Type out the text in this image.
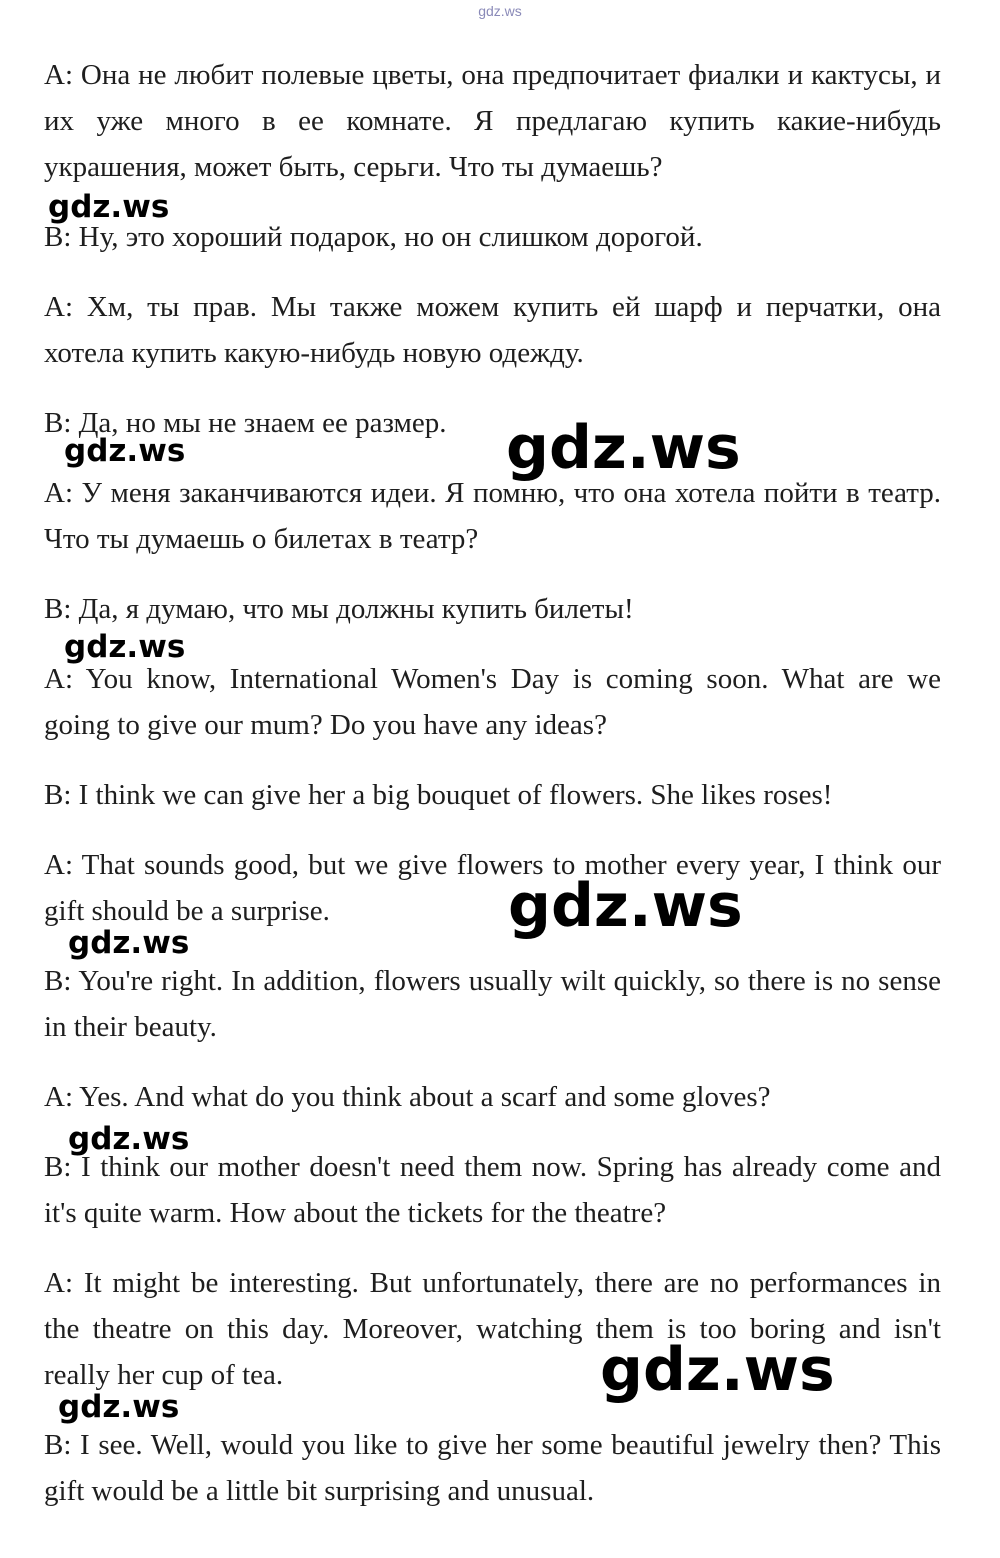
gdz.ws

A: Она не любит полевые цветы, она предпочитает фиалки и кактусы, и их уже много в ее комнате. Я предлагаю купить какие-нибудь украшения, может быть, серьги. Что ты думаешь?

B: Ну, это хороший подарок, но он слишком дорогой.

A: Хм, ты прав. Мы также можем купить ей шарф и перчатки, она хотела купить какую-нибудь новую одежду.

B: Да, но мы не знаем ее размер.

A: У меня заканчиваются идеи. Я помню, что она хотела пойти в театр. Что ты думаешь о билетах в театр?

B: Да, я думаю, что мы должны купить билеты!

A: You know, International Women's Day is coming soon. What are we going to give our mum? Do you have any ideas?

B: I think we can give her a big bouquet of flowers. She likes roses!

A: That sounds good, but we give flowers to mother every year, I think our gift should be a surprise.

B: You're right. In addition, flowers usually wilt quickly, so there is no sense in their beauty.

A: Yes. And what do you think about a scarf and some gloves?

B: I think our mother doesn't need them now. Spring has already come and it's quite warm. How about the tickets for the theatre?

A: It might be interesting. But unfortunately, there are no performances in the theatre on this day. Moreover, watching them is too boring and isn't really her cup of tea.

B: I see. Well, would you like to give her some beautiful jewelry then? This gift would be a little bit surprising and unusual.

gdz.ws
gdz.ws	gdz.ws
gdz.ws
gdz.ws
gdz.ws
gdz.ws
gdz.ws
gdz.ws
